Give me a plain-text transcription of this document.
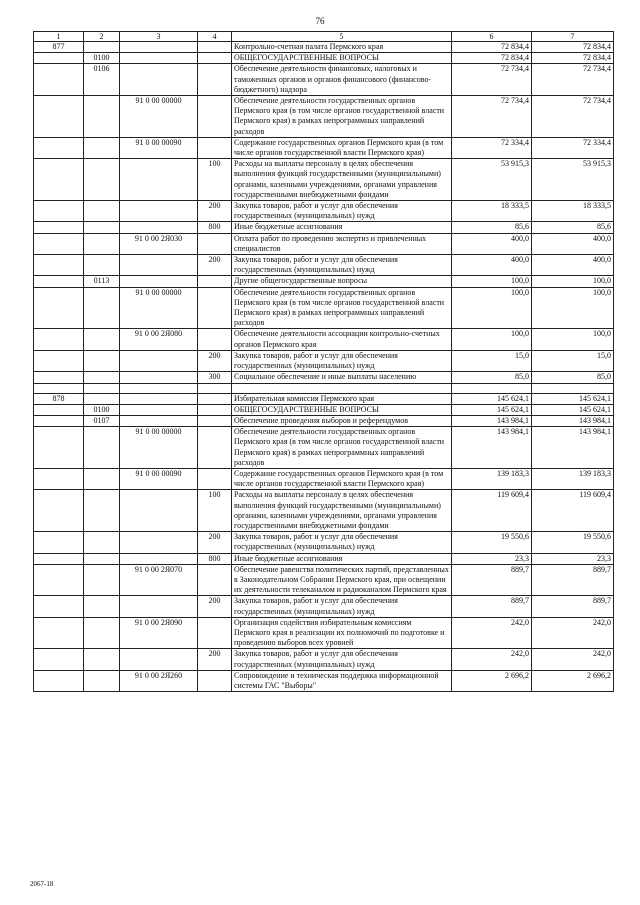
76
1	2	3	4	5	6	7
877				Контрольно-счетная палата Пермского края	72 834,4	72 834,4
	0100			ОБЩЕГОСУДАРСТВЕННЫЕ ВОПРОСЫ	72 834,4	72 834,4
	0106			Обеспечение деятельности финансовых, налоговых и таможенных органов и органов финансового (финансово-бюджетного) надзора	72 734,4	72 734,4
		91 0 00 00000		Обеспечение деятельности государственных органов Пермского края (в том числе органов государственной власти Пермского края) в рамках непрограммных направлений расходов	72 734,4	72 734,4
		91 0 00 00090		Содержание государственных органов Пермского края (в том числе органов государственной власти Пермского края)	72 334,4	72 334,4
			100	Расходы на выплаты персоналу в целях обеспечения выполнения функций государственными (муниципальными) органами, казенными учреждениями, органами управления государственными внебюджетными фондами	53 915,3	53 915,3
			200	Закупка товаров, работ и услуг для обеспечения государственных (муниципальных) нужд	18 333,5	18 333,5
			800	Иные бюджетные ассигнования	85,6	85,6
		91 0 00 2Я030		Оплата работ по проведению экспертиз и привлеченных специалистов	400,0	400,0
			200	Закупка товаров, работ и услуг для обеспечения государственных (муниципальных) нужд	400,0	400,0
	0113			Другие общегосударственные вопросы	100,0	100,0
		91 0 00 00000		Обеспечение деятельности государственных органов Пермского края (в том числе органов государственной власти Пермского края) в рамках непрограммных направлений расходов	100,0	100,0
		91 0 00 2Я080		Обеспечение деятельности ассоциации контрольно-счетных органов Пермского края	100,0	100,0
			200	Закупка товаров, работ и услуг для обеспечения государственных (муниципальных) нужд	15,0	15,0
			300	Социальное обеспечение и иные выплаты населению	85,0	85,0

878				Избирательная комиссия Пермского края	145 624,1	145 624,1
	0100			ОБЩЕГОСУДАРСТВЕННЫЕ ВОПРОСЫ	145 624,1	145 624,1
	0107			Обеспечение проведения выборов и референдумов	143 984,1	143 984,1
		91 0 00 00000		Обеспечение деятельности государственных органов Пермского края (в том числе органов государственной власти Пермского края) в рамках непрограммных направлений расходов	143 984,1	143 984,1
		91 0 00 00090		Содержание государственных органов Пермского края (в том числе органов государственной власти Пермского края)	139 183,3	139 183,3
			100	Расходы на выплаты персоналу в целях обеспечения выполнения функций государственными (муниципальными) органами, казенными учреждениями, органами управления государственными внебюджетными фондами	119 609,4	119 609,4
			200	Закупка товаров, работ и услуг для обеспечения государственных (муниципальных) нужд	19 550,6	19 550,6
			800	Иные бюджетные ассигнования	23,3	23,3
		91 0 00 2Я070		Обеспечение равенства политических партий, представленных в Законодательном Собрании Пермского края, при освещении их деятельности телеканалом и радиоканалом Пермского края	889,7	889,7
			200	Закупка товаров, работ и услуг для обеспечения государственных (муниципальных) нужд	889,7	889,7
		91 0 00 2Я090		Организация содействия избирательным комиссиям Пермского края в реализации их полномочий по подготовке и проведению выборов всех уровней	242,0	242,0
			200	Закупка товаров, работ и услуг для обеспечения государственных (муниципальных) нужд	242,0	242,0
		91 0 00 2Я260		Сопровождение и техническая поддержка информационной системы ГАС "Выборы"	2 696,2	2 696,2
2067-18
